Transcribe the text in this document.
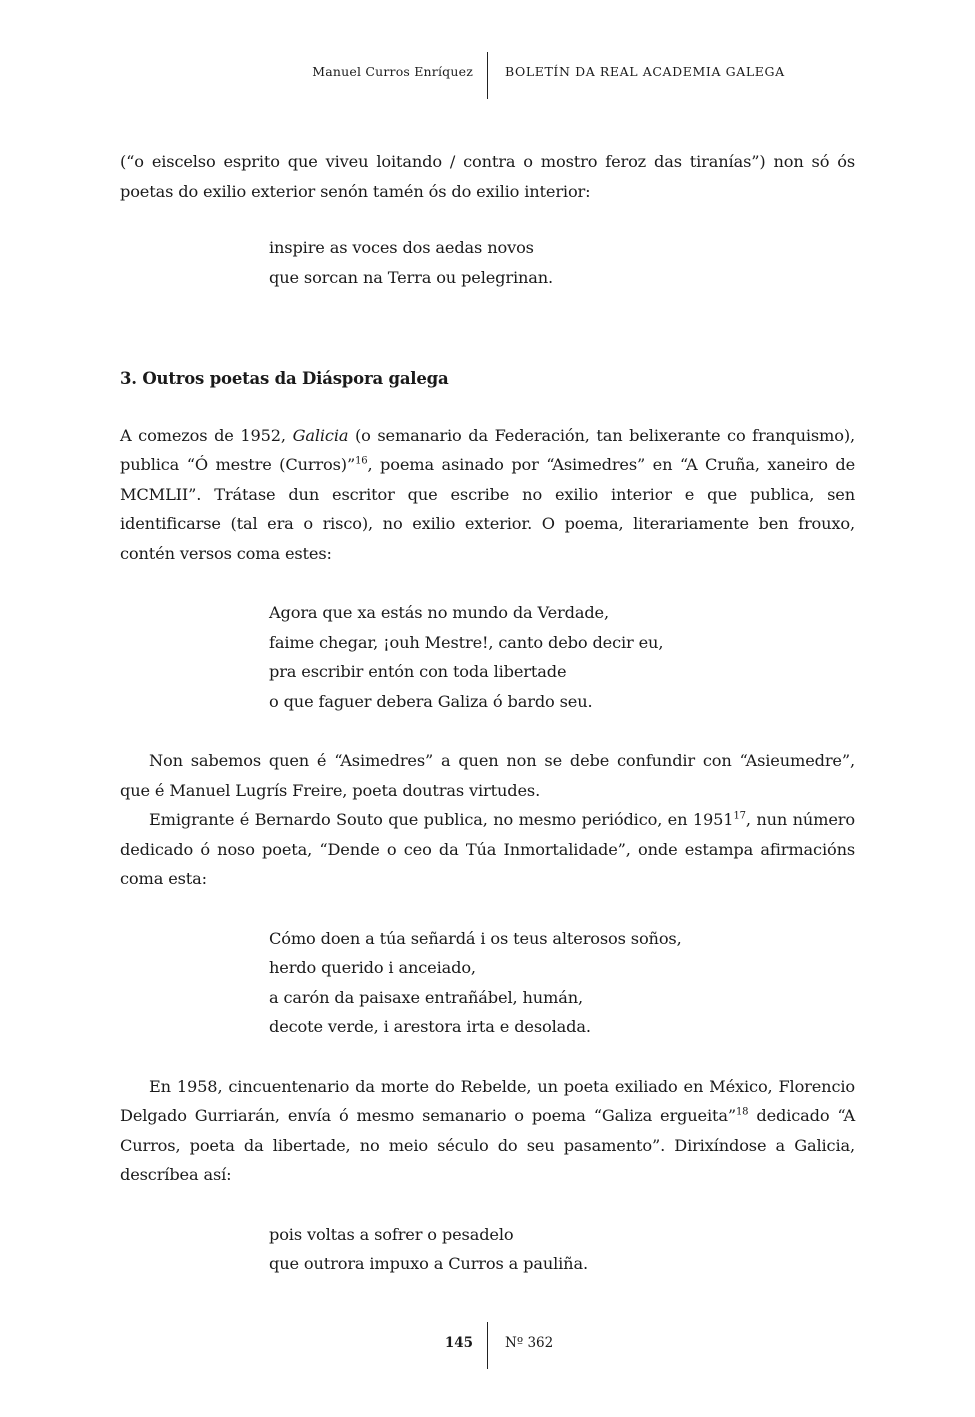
Manuel Curros Enríquez	BOLETÍN DA REAL ACADEMIA GALEGA

(“o eiscelso esprito que viveu loitando / contra o mostro feroz das tiranías”) non só ós poetas do exilio exterior senón tamén ós do exilio interior:

inspire as voces dos aedas novos
que sorcan na Terra ou pelegrinan.
3. Outros poetas da Diáspora galega

A comezos de 1952, Galicia (o semanario da Federación, tan belixerante co franquismo), publica “Ó mestre (Curros)”$^{16}$, poema asinado por “Asimedres” en “A Cruña, xaneiro de MCMLII”. Trátase dun escritor que escribe no exilio interior e que publica, sen identificarse (tal era o risco), no exilio exterior. O poema, literariamente ben frouxo, contén versos coma estes:

Agora que xa estás no mundo da Verdade,
faime chegar, ¡ouh Mestre!, canto debo decir eu,
pra escribir entón con toda libertade
o que faguer debera Galiza ó bardo seu.

Non sabemos quen é “Asimedres” a quen non se debe confundir con “Asieumedre”, que é Manuel Lugrís Freire, poeta doutras virtudes.

Emigrante é Bernardo Souto que publica, no mesmo periódico, en 1951$^{17}$, nun número dedicado ó noso poeta, “Dende o ceo da Túa Inmortalidade”, onde estampa afirmacións coma esta:

Cómo doen a túa señardá i os teus alterosos soños,
herdo querido i anceiado,
a carón da paisaxe entrañábel, humán,
decote verde, i arestora irta e desolada.

En 1958, cincuentenario da morte do Rebelde, un poeta exiliado en México, Florencio Delgado Gurriarán, envía ó mesmo semanario o poema “Galiza ergueita”$^{18}$ dedicado “A Curros, poeta da libertade, no meio século do seu pasamento”. Dirixíndose a Galicia, descríbea así:

pois voltas a sofrer o pesadelo
que outrora impuxo a Curros a pauliña.
145 Nº 362
